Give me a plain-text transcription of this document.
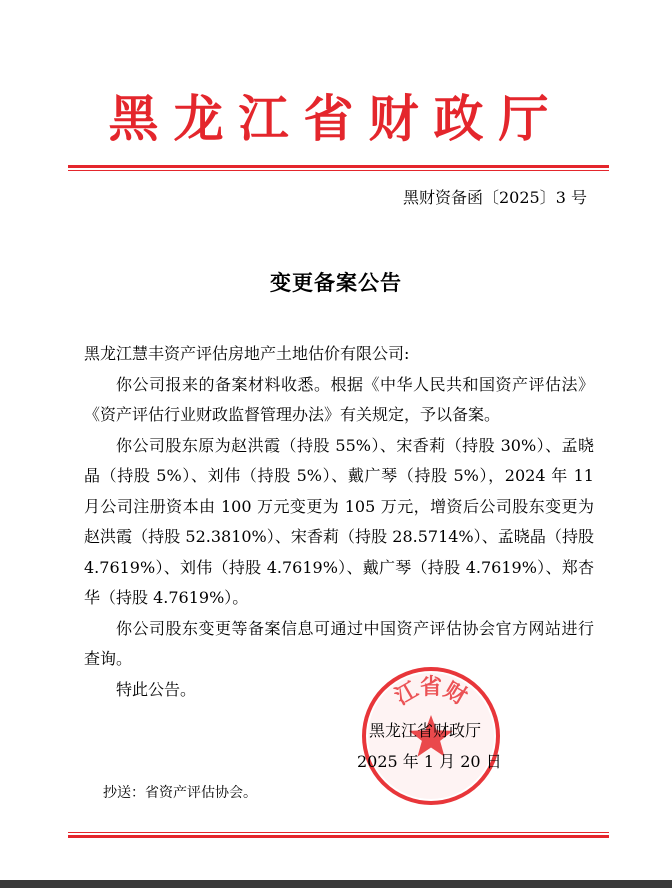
黑龙江省财政厅
黑财资备函〔2025〕3 号
变更备案公告

黑龙江慧丰资产评估房地产土地估价有限公司:

你公司报来的备案材料收悉。根据《中华人民共和国资产评估法》《资产评估行业财政监督管理办法》有关规定，予以备案。

你公司股东原为赵洪霞（持股 55%）、宋香莉（持股 30%）、孟晓晶（持股 5%）、刘伟（持股 5%）、戴广琴（持股 5%），2024 年 11 月公司注册资本由 100 万元变更为 105 万元，增资后公司股东变更为赵洪霞（持股 52.3810%）、宋香莉（持股 28.5714%）、孟晓晶（持股 4.7619%）、刘伟（持股 4.7619%）、戴广琴（持股 4.7619%）、郑杏华（持股 4.7619%）。

你公司股东变更等备案信息可通过中国资产评估协会官方网站进行查询。

特此公告。	江省财
黑龙江省财政厅
2025 年 1 月 20 日
抄送：省资产评估协会。
